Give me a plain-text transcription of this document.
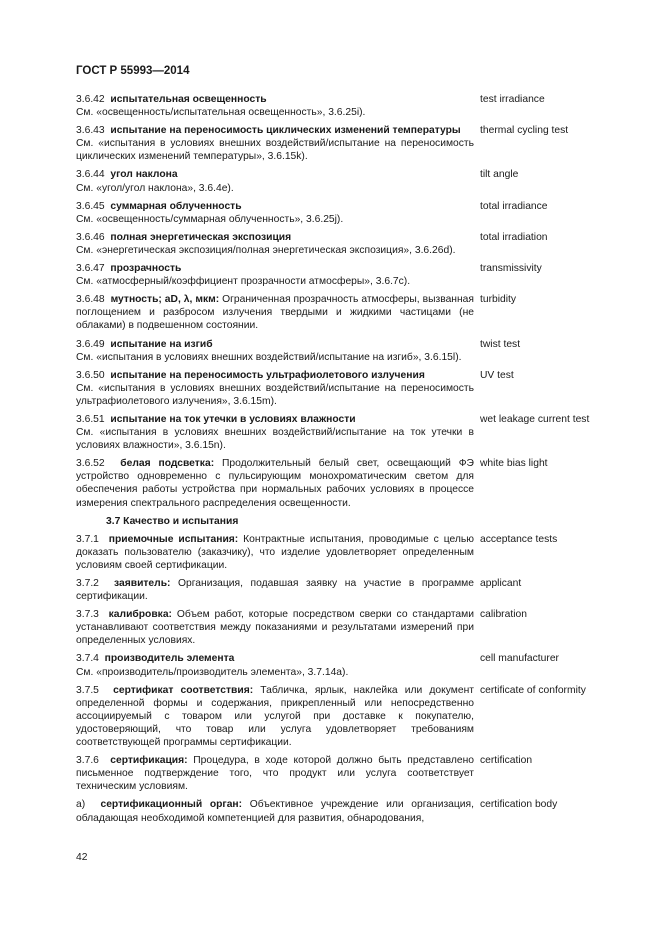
ГОСТ Р 55993—2014
3.6.42 испытательная освещенность
См. «освещенность/испытательная освещенность», 3.6.25i).
test irradiance
3.6.43 испытание на переносимость циклических изменений температуры
См. «испытания в условиях внешних воздействий/испытание на переносимость циклических изменений температуры», 3.6.15k).
thermal cycling test
3.6.44 угол наклона
См. «угол/угол наклона», 3.6.4e).
tilt angle
3.6.45 суммарная облученность
См. «освещенность/суммарная облученность», 3.6.25j).
total irradiance
3.6.46 полная энергетическая экспозиция
См. «энергетическая экспозиция/полная энергетическая экспозиция», 3.6.26d).
total irradiation
3.6.47 прозрачность
См. «атмосферный/коэффициент прозрачности атмосферы», 3.6.7c).
transmissivity
3.6.48 мутность; aD, λ, мкм: Ограниченная прозрачность атмосферы, вызванная поглощением и разбросом излучения твердыми и жидкими частицами (не облаками) в подвешенном состоянии.
turbidity
3.6.49 испытание на изгиб
См. «испытания в условиях внешних воздействий/испытание на изгиб», 3.6.15l).
twist test
3.6.50 испытание на переносимость ультрафиолетового излучения
См. «испытания в условиях внешних воздействий/испытание на переносимость ультрафиолетового излучения», 3.6.15m).
UV test
3.6.51 испытание на ток утечки в условиях влажности
См. «испытания в условиях внешних воздействий/испытание на ток утечки в условиях влажности», 3.6.15n).
wet leakage current test
3.6.52 белая подсветка: Продолжительный белый свет, освещающий ФЭ устройство одновременно с пульсирующим монохроматическим светом для обеспечения работы устройства при нормальных рабочих условиях в процессе измерения спектрального распределения освещенности.
white bias light
3.7 Качество и испытания
3.7.1 приемочные испытания: Контрактные испытания, проводимые с целью доказать пользователю (заказчику), что изделие удовлетворяет определенным условиям своей сертификации.
acceptance tests
3.7.2 заявитель: Организация, подавшая заявку на участие в программе сертификации.
applicant
3.7.3 калибровка: Объем работ, которые посредством сверки со стандартами устанавливают соответствия между показаниями и результатами измерений при определенных условиях.
calibration
3.7.4 производитель элемента
См. «производитель/производитель элемента», 3.7.14a).
cell manufacturer
3.7.5 сертификат соответствия: Табличка, ярлык, наклейка или документ определенной формы и содержания, прикрепленный или непосредственно ассоциируемый с товаром или услугой при доставке к покупателю, удостоверяющий, что товар или услуга удовлетворяет требованиям соответствующей программы сертификации.
certificate of conformity
3.7.6 сертификация: Процедура, в ходе которой должно быть представлено письменное подтверждение того, что продукт или услуга соответствует техническим условиям.
certification
а) сертификационный орган: Объективное учреждение или организация, обладающая необходимой компетенцией для развития, обнародования,
certification body
42
